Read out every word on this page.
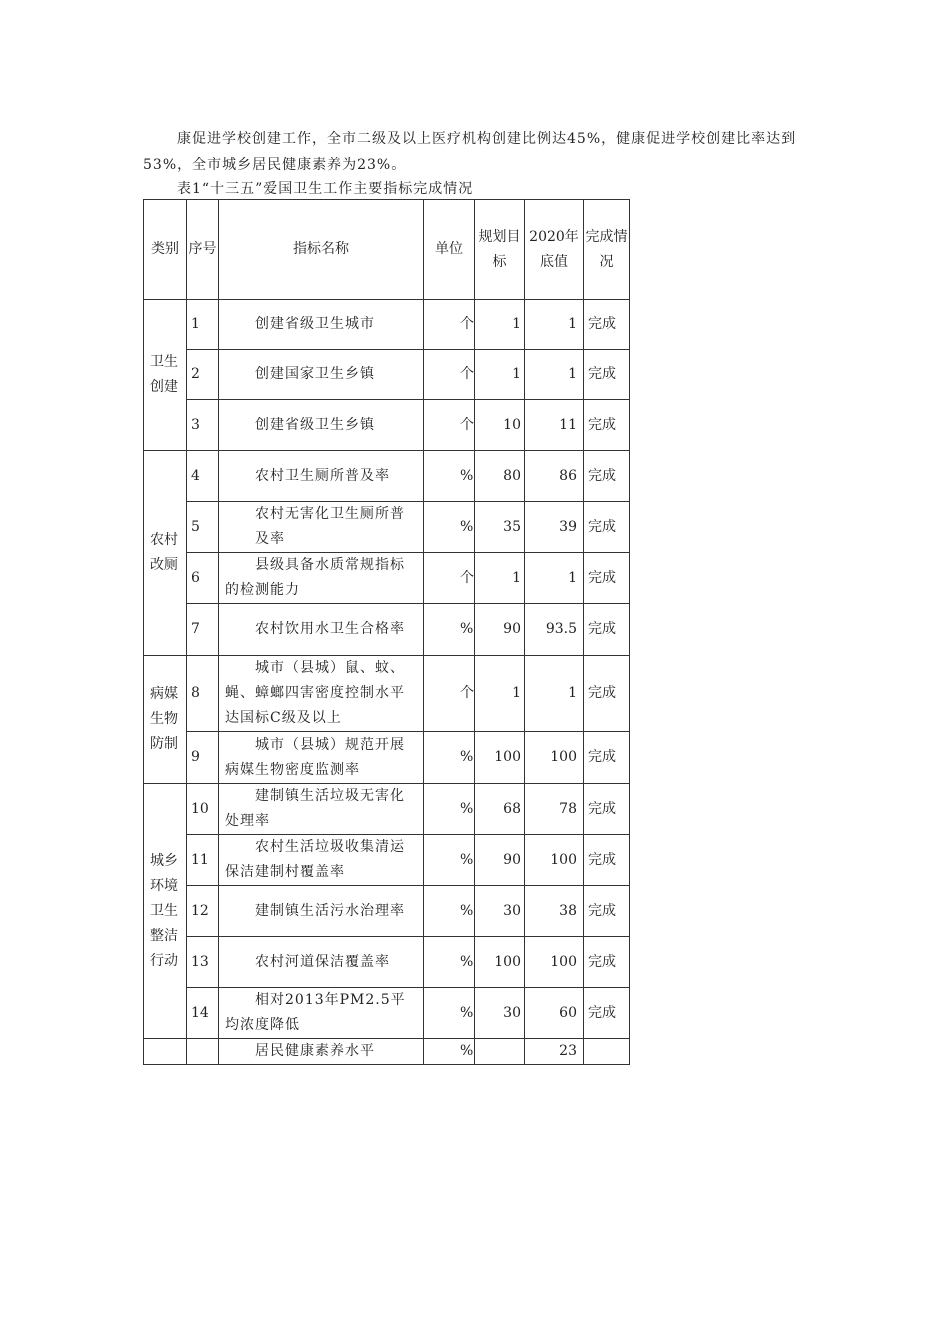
康促进学校创建工作，全市二级及以上医疗机构创建比例达45%，健康促进学校创建比率达到53%，全市城乡居民健康素养为23%。
表1“十三五”爱国卫生工作主要指标完成情况
类别	序号	指标名称	单位	规划目标	2020年底值	完成情况
卫生创建	1	创建省级卫生城市	个	1	1	完成
	2	创建国家卫生乡镇	个	1	1	完成
	3	创建省级卫生乡镇	个	10	11	完成
农村改厕	4	农村卫生厕所普及率	%	80	86	完成
	5	农村无害化卫生厕所普及率	%	35	39	完成
	6	县级具备水质常规指标的检测能力	个	1	1	完成
	7	农村饮用水卫生合格率	%	90	93.5	完成
病媒生物防制	8	城市（县城）鼠、蚊、蝇、蟑螂四害密度控制水平达国标C级及以上	个	1	1	完成
	9	城市（县城）规范开展病媒生物密度监测率	%	100	100	完成
城乡环境卫生整洁行动	10	建制镇生活垃圾无害化处理率	%	68	78	完成
	11	农村生活垃圾收集清运保洁建制村覆盖率	%	90	100	完成
	12	建制镇生活污水治理率	%	30	38	完成
	13	农村河道保洁覆盖率	%	100	100	完成
	14	相对2013年PM2.5平均浓度降低	%	30	60	完成
		居民健康素养水平	%		23	
